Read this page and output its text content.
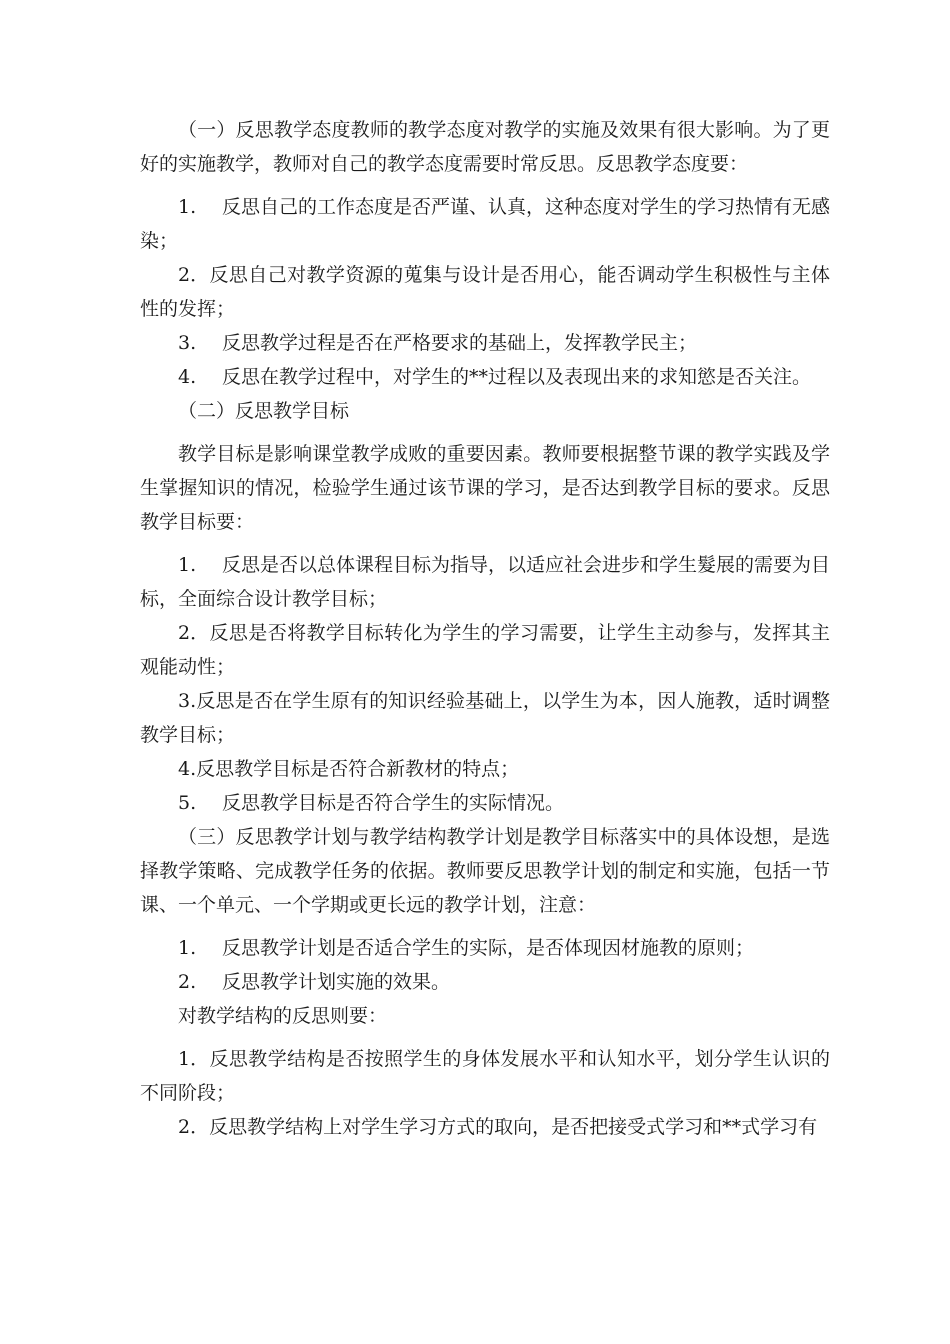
（一）反思教学态度教师的教学态度对教学的实施及效果有很大影响。为了更好的实施教学，教师对自己的教学态度需要时常反思。反思教学态度要：

1. 反思自己的工作态度是否严谨、认真，这种态度对学生的学习热情有无感染；

2．反思自己对教学资源的蒐集与设计是否用心，能否调动学生积极性与主体性的发挥；

3. 反思教学过程是否在严格要求的基础上，发挥教学民主；

4. 反思在教学过程中，对学生的**过程以及表现出来的求知慾是否关注。

（二）反思教学目标

教学目标是影响课堂教学成败的重要因素。教师要根据整节课的教学实践及学生掌握知识的情况，检验学生通过该节课的学习，是否达到教学目标的要求。反思教学目标要：

1. 反思是否以总体课程目标为指导，以适应社会进步和学生髮展的需要为目标，全面综合设计教学目标；

2．反思是否将教学目标转化为学生的学习需要，让学生主动参与，发挥其主观能动性；

3.反思是否在学生原有的知识经验基础上，以学生为本，因人施教，适时调整教学目标；

4.反思教学目标是否符合新教材的特点；

5. 反思教学目标是否符合学生的实际情况。

（三）反思教学计划与教学结构教学计划是教学目标落实中的具体设想，是选择教学策略、完成教学任务的依据。教师要反思教学计划的制定和实施，包括一节课、一个单元、一个学期或更长远的教学计划，注意：

1. 反思教学计划是否适合学生的实际，是否体现因材施教的原则；

2. 反思教学计划实施的效果。

对教学结构的反思则要：

1．反思教学结构是否按照学生的身体发展水平和认知水平，划分学生认识的不同阶段；

2．反思教学结构上对学生学习方式的取向，是否把接受式学习和**式学习有
